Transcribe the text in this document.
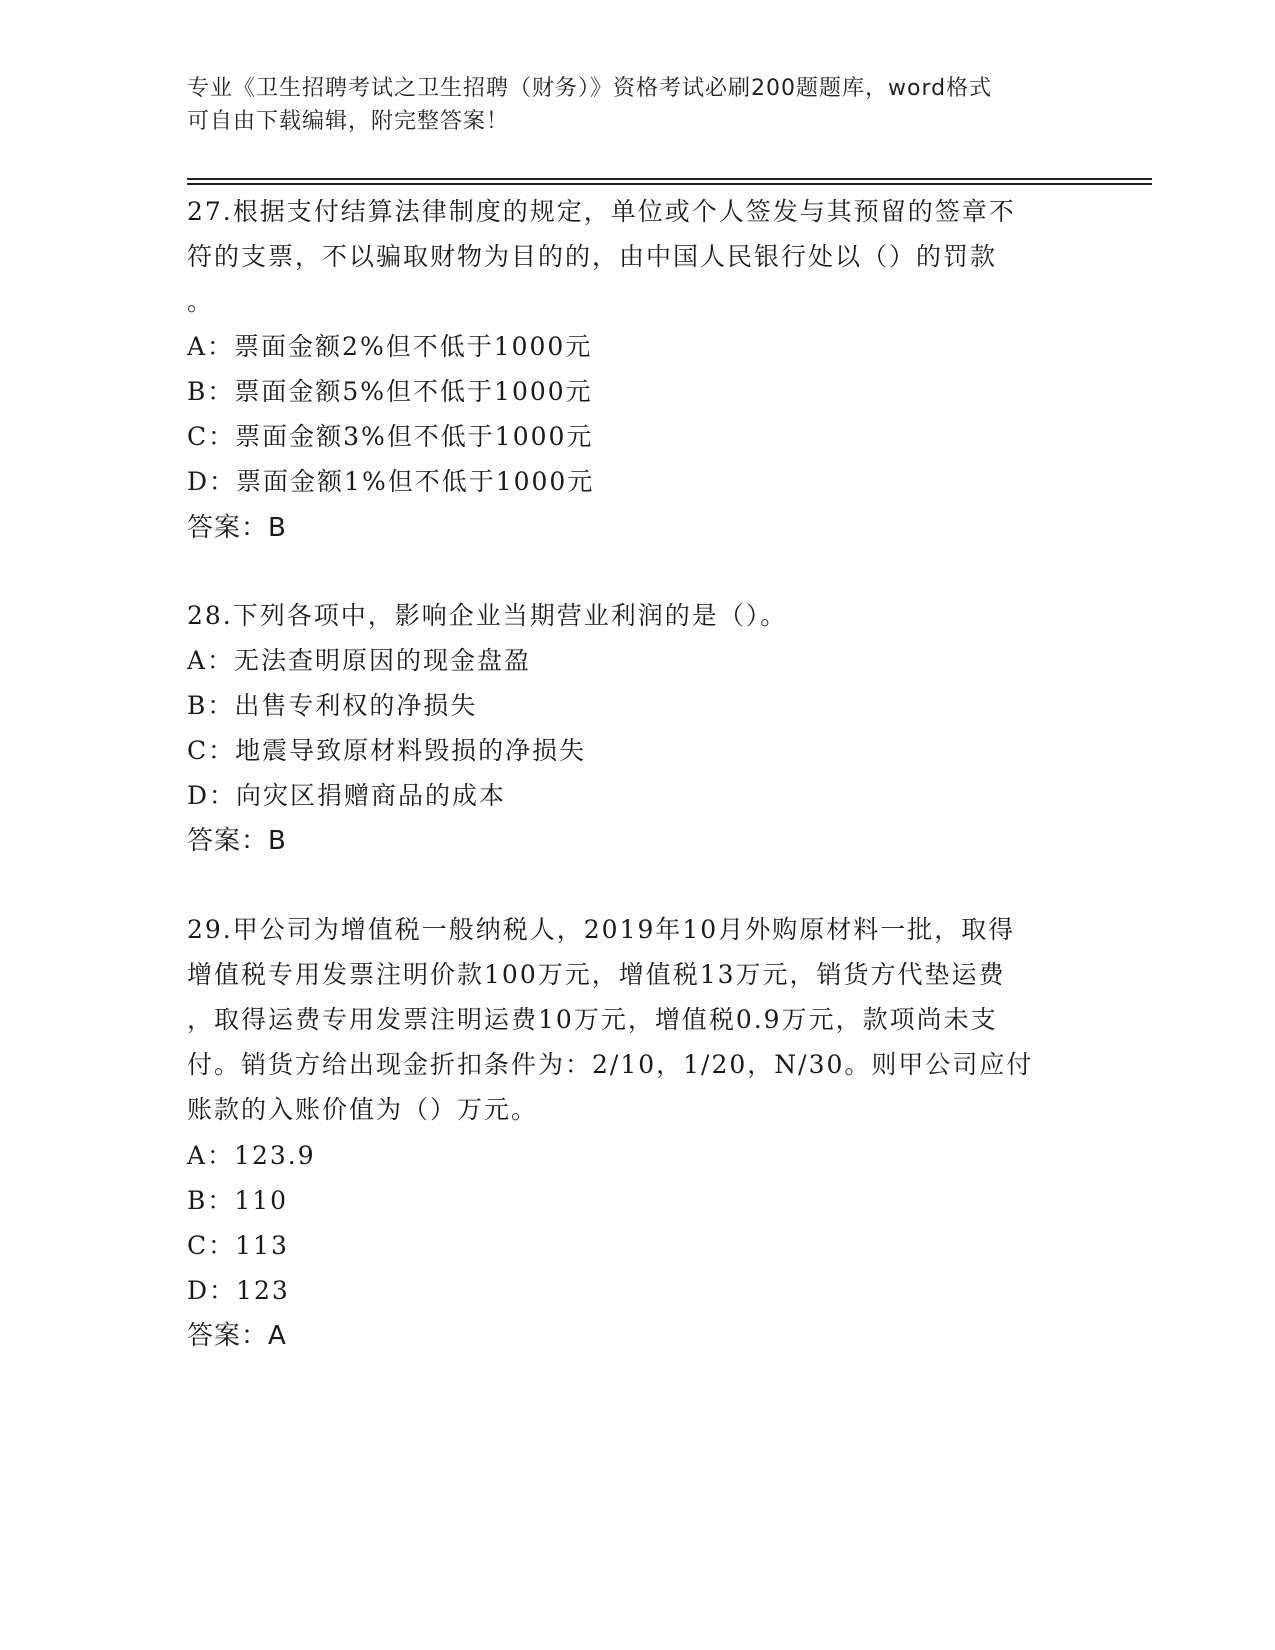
专业《卫生招聘考试之卫生招聘（财务）》资格考试必刷200题题库，word格式
可自由下载编辑，附完整答案！
27.根据支付结算法律制度的规定，单位或个人签发与其预留的签章不
符的支票，不以骗取财物为目的的，由中国人民银行处以（）的罚款
。
A：票面金额2%但不低于1000元
B：票面金额5%但不低于1000元
C：票面金额3%但不低于1000元
D：票面金额1%但不低于1000元
答案：B
28.下列各项中，影响企业当期营业利润的是（）。
A：无法查明原因的现金盘盈
B：出售专利权的净损失
C：地震导致原材料毁损的净损失
D：向灾区捐赠商品的成本
答案：B
29.甲公司为增值税一般纳税人，2019年10月外购原材料一批，取得
增值税专用发票注明价款100万元，增值税13万元，销货方代垫运费
，取得运费专用发票注明运费10万元，增值税0.9万元，款项尚未支
付。销货方给出现金折扣条件为：2/10，1/20，N/30。则甲公司应付
账款的入账价值为（）万元。
A：123.9
B：110
C：113
D：123
答案：A
